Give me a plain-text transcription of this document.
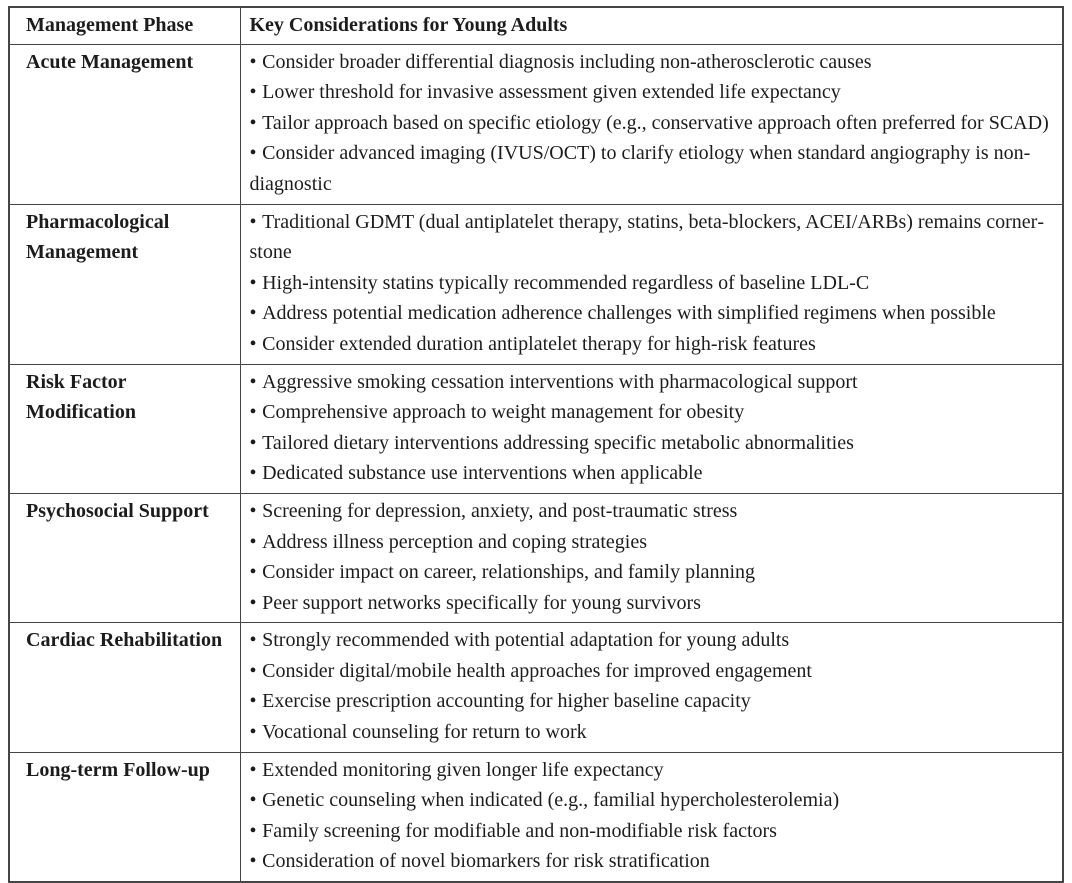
Management Phase	Key Considerations for Young Adults
Acute Management	• Consider broader differential diagnosis including non-atherosclerotic causes

• Lower threshold for invasive assessment given extended life expectancy

• Tailor approach based on specific etiology (e.g., conservative approach often preferred for SCAD)

• Consider advanced imaging (IVUS/OCT) to clarify etiology when standard angiography is non-diagnostic

Pharmacological Management	• Traditional GDMT (dual antiplatelet therapy, statins, beta-blockers, ACEI/ARBs) remains cornerstone

• High-intensity statins typically recommended regardless of baseline LDL-C

• Address potential medication adherence challenges with simplified regimens when possible

• Consider extended duration antiplatelet therapy for high-risk features

Risk Factor Modification	• Aggressive smoking cessation interventions with pharmacological support

• Comprehensive approach to weight management for obesity

• Tailored dietary interventions addressing specific metabolic abnormalities

• Dedicated substance use interventions when applicable

Psychosocial Support	• Screening for depression, anxiety, and post-traumatic stress

• Address illness perception and coping strategies

• Consider impact on career, relationships, and family planning

• Peer support networks specifically for young survivors

Cardiac Rehabilitation	• Strongly recommended with potential adaptation for young adults

• Consider digital/mobile health approaches for improved engagement

• Exercise prescription accounting for higher baseline capacity

• Vocational counseling for return to work

Long-term Follow-up	• Extended monitoring given longer life expectancy

• Genetic counseling when indicated (e.g., familial hypercholesterolemia)

• Family screening for modifiable and non-modifiable risk factors

• Consideration of novel biomarkers for risk stratification
